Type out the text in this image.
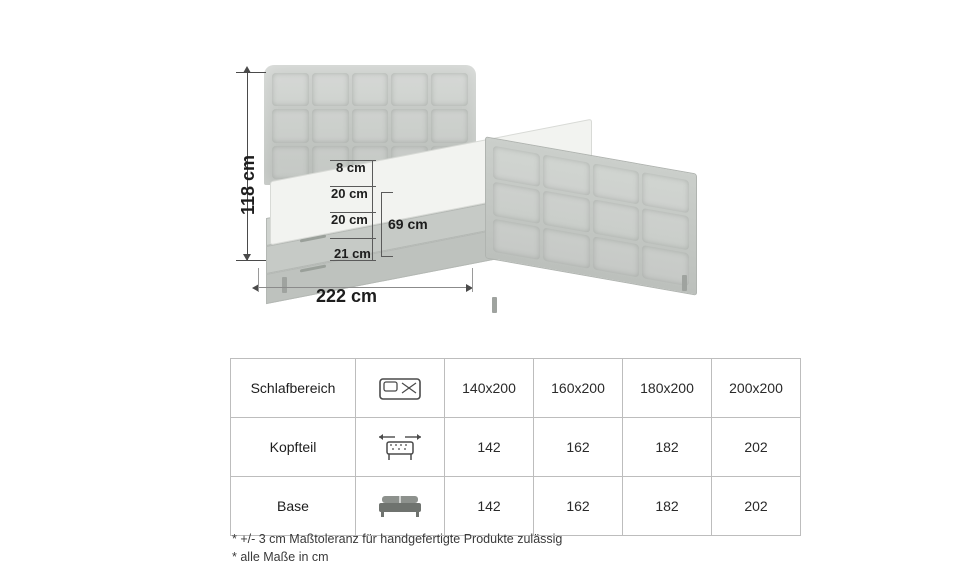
118 cm
222 cm
8 cm
20 cm
20 cm
21 cm
69 cm
Schlafbereich		140x200	160x200	180x200	200x200
Kopfteil		142	162	182	202
Base		142	162	182	202
* +/- 3 cm Maßtoleranz für handgefertigte Produkte zulässig
* alle Maße in cm
